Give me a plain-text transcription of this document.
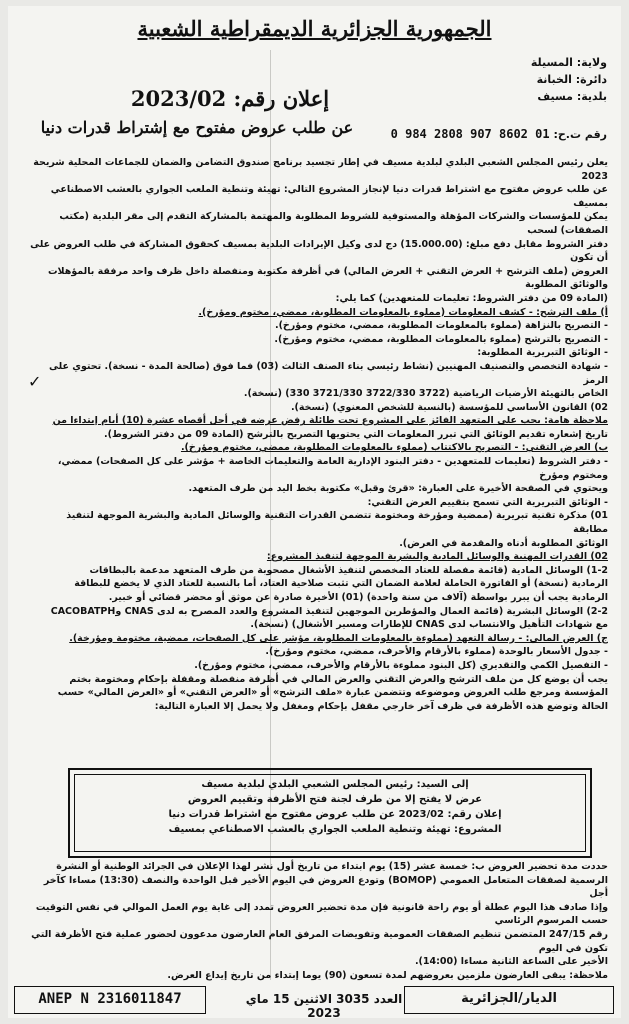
الجمهورية الجزائرية الديمقراطية الشعبية
ولاية: المسيلة
دائرة: الخبانة
بلدية: مسيف
إعلان رقم: 2023/02
عن طلب عروض مفتوح مع إشتراط قدرات دنيا	رقم ت.ح: 0 984 2808 907 8602 01

يعلن رئيس المجلس الشعبي البلدي لبلدية مسيف في إطار تجسيد برنامج صندوق التضامن والضمان للجماعات المحلية شريحة 2023

عن طلب عروض مفتوح مع اشتراط قدرات دنيا لإنجاز المشروع التالي: تهيئة وتنطية الملعب الجواري بالعشب الاصطناعي بمسيف

يمكن للمؤسسات والشركات المؤهلة والمستوفية للشروط المطلوبة والمهتمة بالمشاركة التقدم إلى مقر البلدية (مكتب الصفقات) لسحب

دفتر الشروط مقابل دفع مبلغ: (15.000.00) دج لدى وكيل الإيرادات البلدية بمسيف كحقوق المشاركة في طلب العروض على أن تكون

العروض (ملف الترشح + العرض التقني + العرض المالي) في أظرفة مكتوبة ومنفصلة داخل ظرف واحد مرفقة بالمؤهلات والوثائق المطلوبة

(المادة 09 من دفتر الشروط: تعليمات للمتعهدين) كما يلي:

أ) ملف الترشح: - كشف المعلومات (مملوء بالمعلومات المطلوبة، ممضي، مختوم ومؤرخ).

- التصريح بالنزاهة (مملوء بالمعلومات المطلوبة، ممضي، مختوم ومؤرخ).

- التصريح بالترشح (مملوء بالمعلومات المطلوبة، ممضي، مختوم ومؤرخ).

- الوثائق التبريرية المطلوبة:

- شهادة التخصص والتصنيف المهنيين (نشاط رئيسي بناء الصنف الثالث (03) فما فوق (صالحة المدة - نسخة). تحتوي على الرمز

الخاص بالتهيئة الأرضيات الرياضية (3722 3722/330 3721/330 330) (نسخة).

02) القانون الأساسي للمؤسسة (بالنسبة للشخص المعنوي) (نسخة).

ملاحظة هامة: يجب على المتعهد الفائز على المشروع تحت طائلة رفض عرضه في أجل أقصاه عشرة (10) أيام إبتداءا من

تاريخ إشعاره تقديم الوثائق التي تبرر المعلومات التي يحتويها التصريح بالترشح (المادة 09 من دفتر الشروط).

ب) العرض التقني: - التصريح بالاكتتاب (مملوء بالمعلومات المطلوبة، ممضي، مختوم ومؤرخ).

- دفتر الشروط (تعليمات للمتعهدين - دفتر البنود الإدارية العامة والتعليمات الخاصة + مؤشر على كل الصفحات) ممضي، ومختوم ومؤرخ

ويحتوي في الصفحة الأخيرة على العبارة: «قرئ وقبل» مكتوبة بخط اليد من طرف المتعهد.

- الوثائق التبريرية التي تسمح بتقييم العرض التقني:

01) مذكرة تقنية تبريرية (ممضية ومؤرخة ومختومة تتضمن القدرات التقنية والوسائل المادية والبشرية الموجهة لتنفيذ مطابقة

الوثائق المطلوبة أدناه والمقدمة في العرض).

02) القدرات المهنية والوسائل المادية والبشرية الموجهة لتنفيذ المشروع:

1-2) الوسائل المادية (قائمة مفصلة للعتاد المخصص لتنفيذ الأشغال مصحوبة من طرف المتعهد مدعمة بالبطاقات

الرمادية (نسخة) أو الفاتورة الحاملة لعلامة الضمان التي تثبت صلاحية العتاد، أما بالنسبة للعتاد الذي لا يخضع للبطاقة

الرمادية يجب أن يبرر بواسطة (آلاف من سنة واحدة) (01) الأخيرة صادرة عن موثق أو محضر قضائي أو خبير.

2-2) الوسائل البشرية (قائمة العمال والمؤطرين الموجهين لتنفيذ المشروع والعدد المصرح به لدى CNAS وCACOBATPH

مع شهادات التأهيل والانتساب لدى CNAS للإطارات ومسير الأشغال) (نسخة).

ج) العرض المالي: - رسالة التعهد (مملوءة بالمعلومات المطلوبة، مؤشر على كل الصفحات، ممضية، مختومة ومؤرخة).

- جدول الأسعار بالوحدة (مملوء بالأرقام والأحرف، ممضي، مختوم ومؤرخ).

- التفصيل الكمي والتقديري (كل البنود مملوءة بالأرقام والأحرف، ممضي، مختوم ومؤرخ).

يجب أن يوضع كل من ملف الترشح والعرض التقني والعرض المالي في أظرفة منفصلة ومقفلة بإحكام ومختومة بختم

المؤسسة ومرجع طلب العروض وموضوعه وتتضمن عبارة «ملف الترشح» أو «العرض التقني» أو «العرض المالي» حسب

الحالة وتوضع هذه الأظرفة في ظرف آخر خارجي مقفل بإحكام ومغفل ولا يحمل إلا العبارة التالية:

✓
إلى السيد: رئيس المجلس الشعبي البلدي لبلدية مسيف
عرض لا يفتح إلا من طرف لجنة فتح الأظرفة وتقييم العروض
إعلان رقم: 2023/02 عن طلب عروض مفتوح مع اشتراط قدرات دنيا
المشروع: تهيئة وتنطية الملعب الجواري بالعشب الاصطناعي بمسيف

حددت مدة تحضير العروض ب: خمسة عشر (15) يوم ابتداء من تاريخ أول نشر لهذا الإعلان في الجرائد الوطنية أو النشرة

الرسمية لصفقات المتعامل العمومي (BOMOP) وتودع العروض في اليوم الأخير قبل الواحدة والنصف (13:30) مساءا كآخر أجل

وإذا صادف هذا اليوم عطلة أو يوم راحة قانونية فإن مدة تحضير العروض تمدد إلى غاية يوم العمل الموالي في نفس التوقيت حسب المرسوم الرئاسي

رقم 247/15 المتضمن تنظيم الصفقات العمومية وتفويضات المرفق العام العارضون مدعوون لحضور عملية فتح الأظرفة التي تكون في اليوم

الأخير على الساعة الثانية مساءا (14:00).

ملاحظة: يبقى العارضون ملزمين بعروضهم لمدة تسعون (90) يوما إبتداء من تاريخ إيداع العرض.

ANEP N 2316011847	العدد 3035 الاثنين 15 ماي 2023
الديار/الجزائرية
